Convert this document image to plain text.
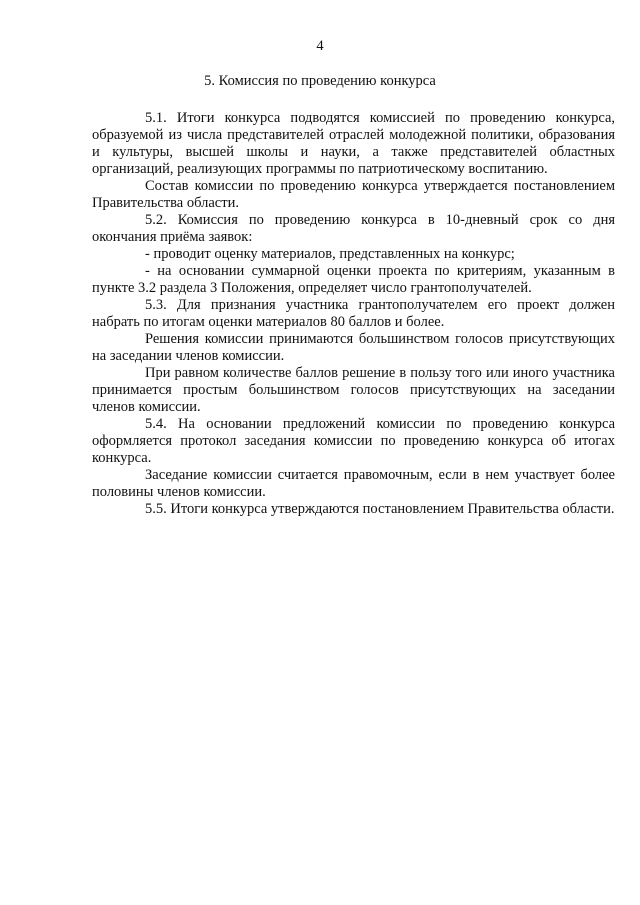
4
5. Комиссия по проведению конкурса

5.1. Итоги конкурса подводятся комиссией по проведению конкурса, образуемой из числа представителей отраслей молодежной политики, образования и культуры, высшей школы и науки, а также представителей областных организаций, реализующих программы по патриотическому воспитанию.

Состав комиссии по проведению конкурса утверждается постановлением Правительства области.

5.2. Комиссия по проведению конкурса в 10-дневный срок со дня окончания приёма заявок:

- проводит оценку материалов, представленных на конкурс;

- на основании суммарной оценки проекта по критериям, указанным в пункте 3.2 раздела 3 Положения, определяет число грантополучателей.

5.3. Для признания участника грантополучателем его проект должен набрать по итогам оценки материалов 80 баллов и более.

Решения комиссии принимаются большинством голосов присутствующих на заседании членов комиссии.

При равном количестве баллов решение в пользу того или иного участника принимается простым большинством голосов присутствующих на заседании членов комиссии.

5.4. На основании предложений комиссии по проведению конкурса оформляется протокол заседания комиссии по проведению конкурса об итогах конкурса.

Заседание комиссии считается правомочным, если в нем участвует более половины членов комиссии.

5.5. Итоги конкурса утверждаются постановлением Правительства области.
